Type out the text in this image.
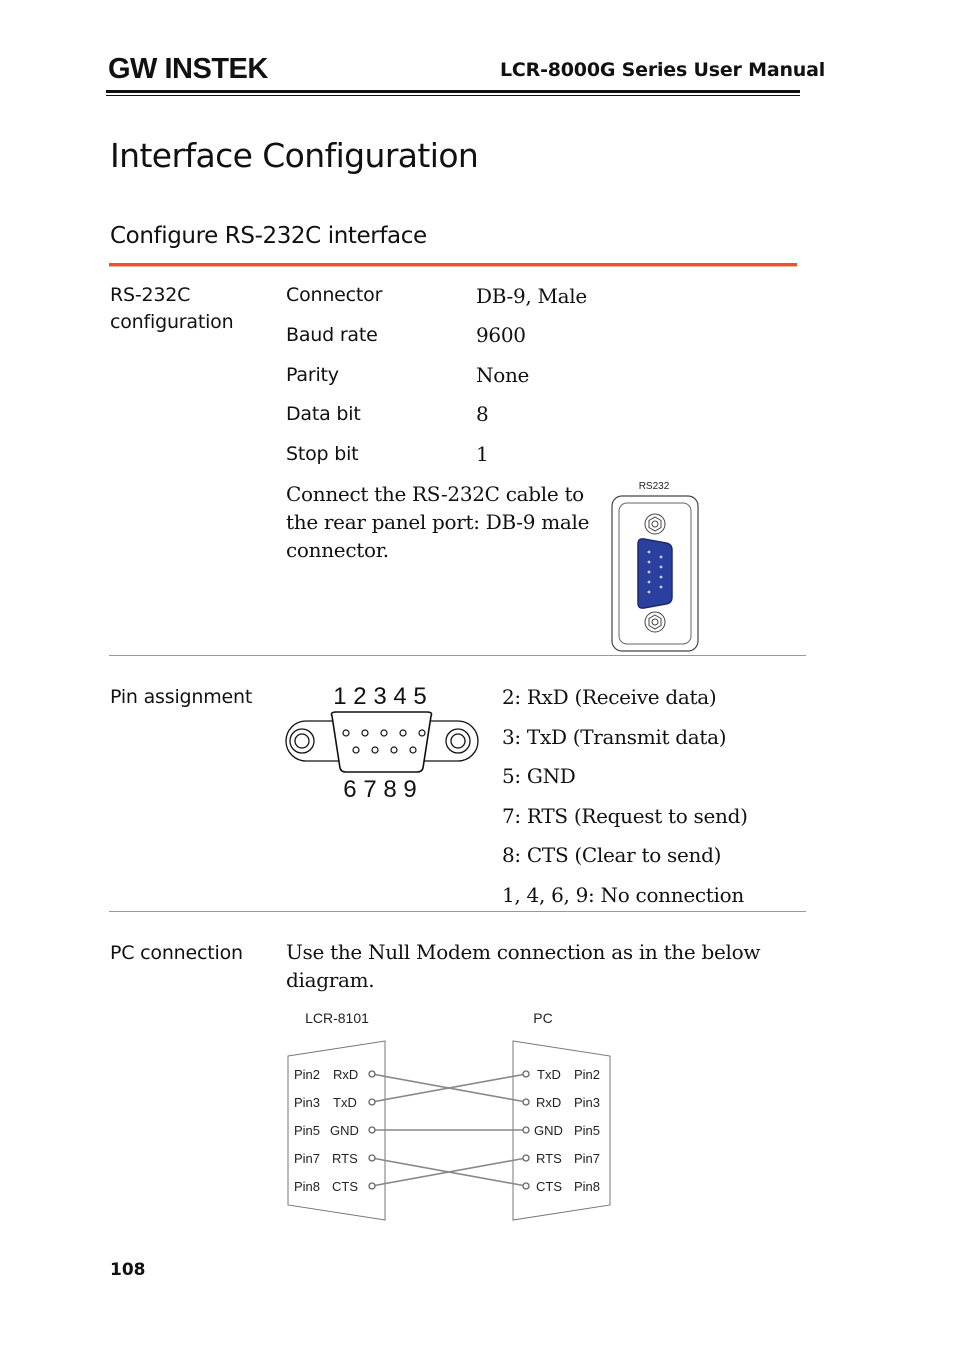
GW INSTEK	LCR-8000G Series User Manual
Interface Configuration
Configure RS-232C interface
RS-232C
configuration
Connector	DB-9, Male
Baud rate	9600
Parity	None
Data bit	8
Stop bit	1
Connect the RS-232C cable to the rear panel port: DB-9 male connector.
RS232
Pin assignment	1 2 3 4 5
6 7 8 9
2: RxD (Receive data)
3: TxD (Transmit data)
5: GND
7: RTS (Request to send)
8: CTS (Clear to send)
1, 4, 6, 9: No connection
PC connection Use the Null Modem connection as in the below diagram.
LCR-8101	PC
Pin2 RxD
Pin3 TxD
Pin5 GND
Pin7 RTS
Pin8 CTS
TxD Pin2
RxD Pin3
GND Pin5
RTS Pin7
CTS Pin8
108
